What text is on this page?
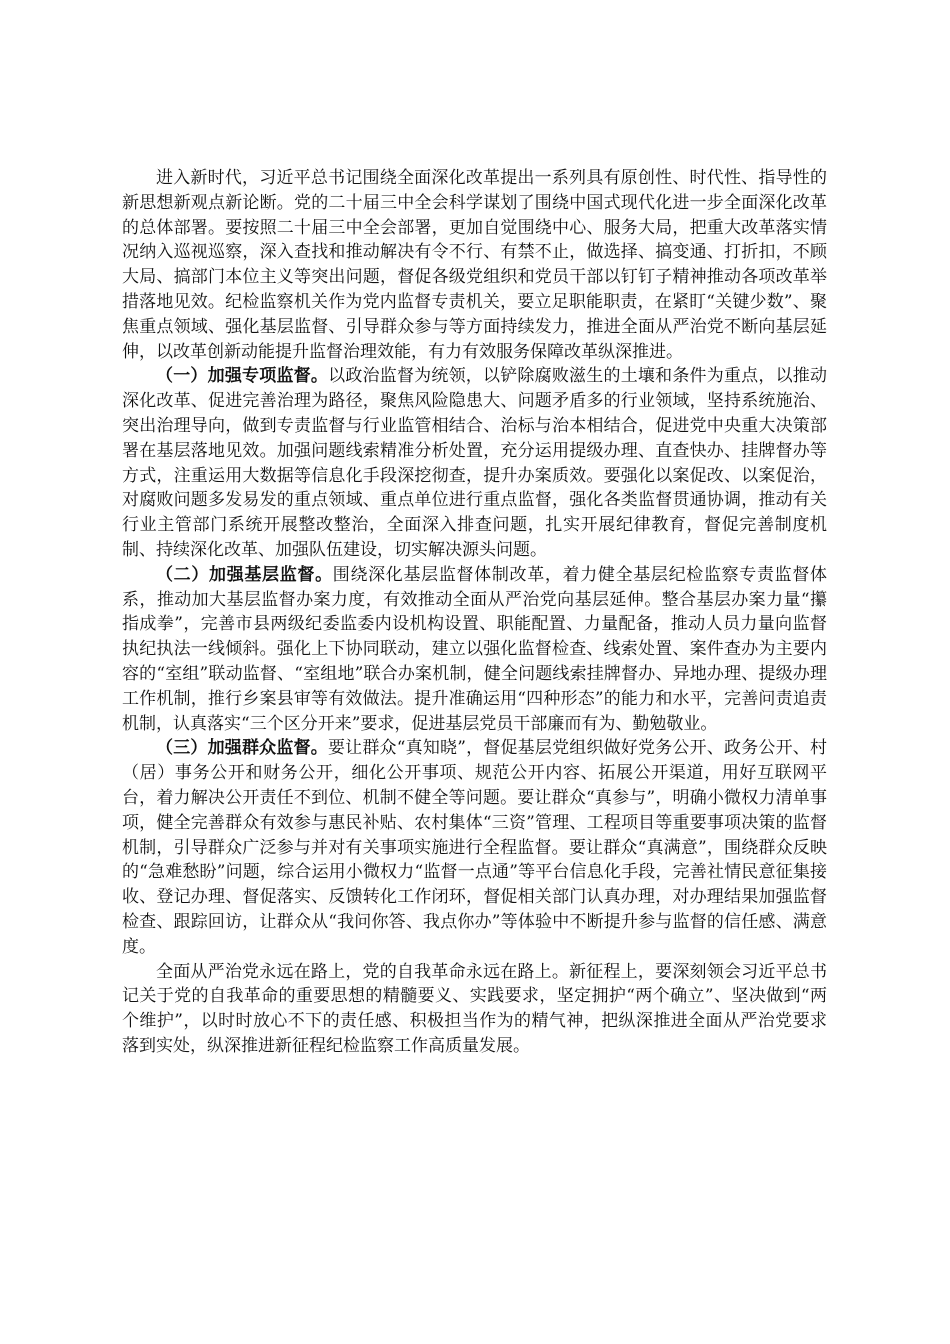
进入新时代，习近平总书记围绕全面深化改革提出一系列具有原创性、时代性、指导性的新思想新观点新论断。党的二十届三中全会科学谋划了围绕中国式现代化进一步全面深化改革的总体部署。要按照二十届三中全会部署，更加自觉围绕中心、服务大局，把重大改革落实情况纳入巡视巡察，深入查找和推动解决有令不行、有禁不止，做选择、搞变通、打折扣，不顾大局、搞部门本位主义等突出问题，督促各级党组织和党员干部以钉钉子精神推动各项改革举措落地见效。纪检监察机关作为党内监督专责机关，要立足职能职责，在紧盯“关键少数”、聚焦重点领域、强化基层监督、引导群众参与等方面持续发力，推进全面从严治党不断向基层延伸，以改革创新动能提升监督治理效能，有力有效服务保障改革纵深推进。

（一）加强专项监督。以政治监督为统领，以铲除腐败滋生的土壤和条件为重点，以推动深化改革、促进完善治理为路径，聚焦风险隐患大、问题矛盾多的行业领域，坚持系统施治、突出治理导向，做到专责监督与行业监管相结合、治标与治本相结合，促进党中央重大决策部署在基层落地见效。加强问题线索精准分析处置，充分运用提级办理、直查快办、挂牌督办等方式，注重运用大数据等信息化手段深挖彻查，提升办案质效。要强化以案促改、以案促治，对腐败问题多发易发的重点领域、重点单位进行重点监督，强化各类监督贯通协调，推动有关行业主管部门系统开展整改整治，全面深入排查问题，扎实开展纪律教育，督促完善制度机制、持续深化改革、加强队伍建设，切实解决源头问题。

（二）加强基层监督。围绕深化基层监督体制改革，着力健全基层纪检监察专责监督体系，推动加大基层监督办案力度，有效推动全面从严治党向基层延伸。整合基层办案力量“攥指成拳”，完善市县两级纪委监委内设机构设置、职能配置、力量配备，推动人员力量向监督执纪执法一线倾斜。强化上下协同联动，建立以强化监督检查、线索处置、案件查办为主要内容的“室组”联动监督、“室组地”联合办案机制，健全问题线索挂牌督办、异地办理、提级办理工作机制，推行乡案县审等有效做法。提升准确运用“四种形态”的能力和水平，完善问责追责机制，认真落实“三个区分开来”要求，促进基层党员干部廉而有为、勤勉敬业。

（三）加强群众监督。要让群众“真知晓”，督促基层党组织做好党务公开、政务公开、村（居）事务公开和财务公开，细化公开事项、规范公开内容、拓展公开渠道，用好互联网平台，着力解决公开责任不到位、机制不健全等问题。要让群众“真参与”，明确小微权力清单事项，健全完善群众有效参与惠民补贴、农村集体“三资”管理、工程项目等重要事项决策的监督机制，引导群众广泛参与并对有关事项实施进行全程监督。要让群众“真满意”，围绕群众反映的“急难愁盼”问题，综合运用小微权力“监督一点通”等平台信息化手段，完善社情民意征集接收、登记办理、督促落实、反馈转化工作闭环，督促相关部门认真办理，对办理结果加强监督检查、跟踪回访，让群众从“我问你答、我点你办”等体验中不断提升参与监督的信任感、满意度。

全面从严治党永远在路上，党的自我革命永远在路上。新征程上，要深刻领会习近平总书记关于党的自我革命的重要思想的精髓要义、实践要求，坚定拥护“两个确立”、坚决做到“两个维护”，以时时放心不下的责任感、积极担当作为的精气神，把纵深推进全面从严治党要求落到实处，纵深推进新征程纪检监察工作高质量发展。
